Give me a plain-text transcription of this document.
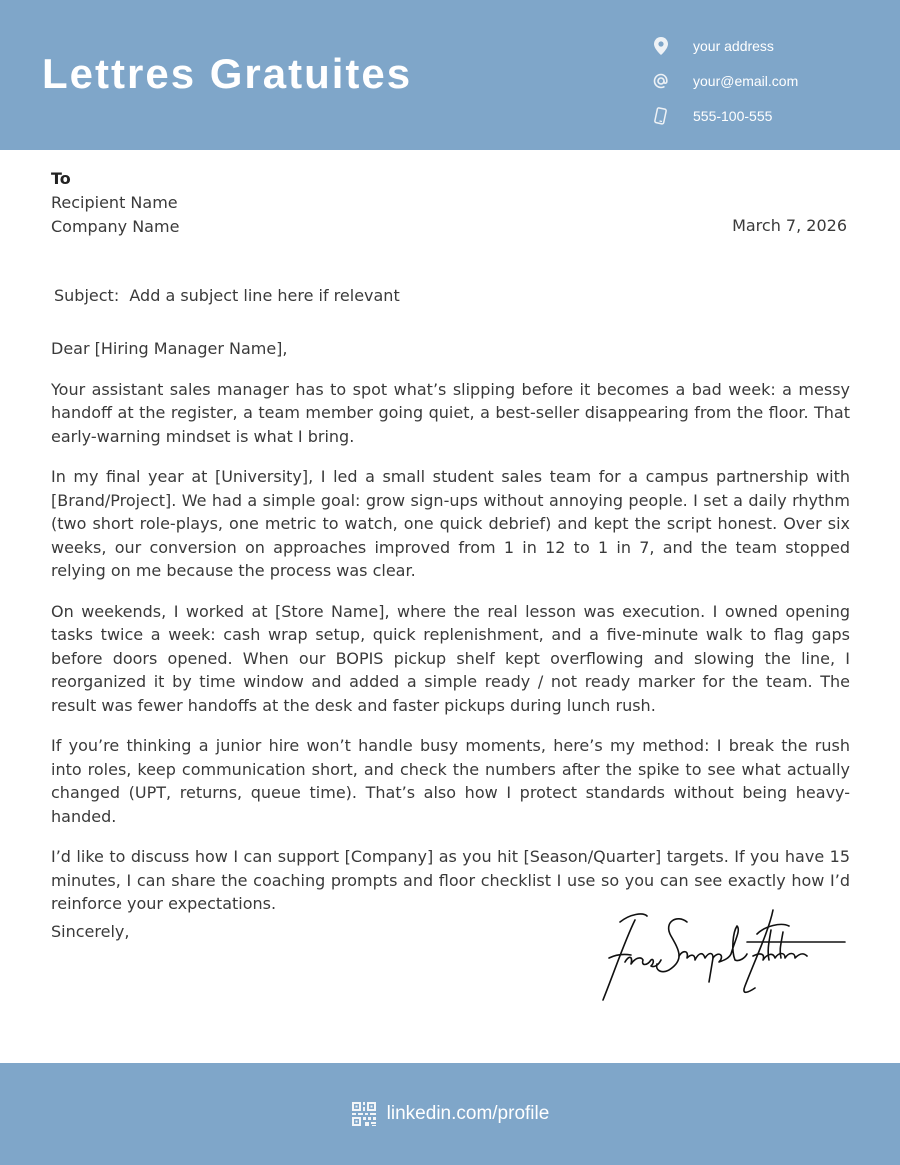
Lettres Gratuites
your address
your@email.com
555-100-555
To
Recipient Name
Company Name	March 7, 2026
Subject:  Add a subject line here if relevant

Dear [Hiring Manager Name],

Your assistant sales manager has to spot what’s slipping before it becomes a bad week: a messy handoff at the register, a team member going quiet, a best-seller disappearing from the floor. That early-warning mindset is what I bring.

In my final year at [University], I led a small student sales team for a campus partnership with [Brand/Project]. We had a simple goal: grow sign-ups without annoying people. I set a daily rhythm (two short role-plays, one metric to watch, one quick debrief) and kept the script honest. Over six weeks, our conversion on approaches improved from 1 in 12 to 1 in 7, and the team stopped relying on me because the process was clear.

On weekends, I worked at [Store Name], where the real lesson was execution. I owned opening tasks twice a week: cash wrap setup, quick replenishment, and a five-minute walk to flag gaps before doors opened. When our BOPIS pickup shelf kept overflowing and slowing the line, I reorganized it by time window and added a simple ready / not ready marker for the team. The result was fewer handoffs at the desk and faster pickups during lunch rush.

If you’re thinking a junior hire won’t handle busy moments, here’s my method: I break the rush into roles, keep communication short, and check the numbers after the spike to see what actually changed (UPT, returns, queue time). That’s also how I protect standards without being heavy-handed.

I’d like to discuss how I can support [Company] as you hit [Season/Quarter] targets. If you have 15 minutes, I can share the coaching prompts and floor checklist I use so you can see exactly how I’d reinforce your expectations.

Sincerely,
linkedin.com/profile
